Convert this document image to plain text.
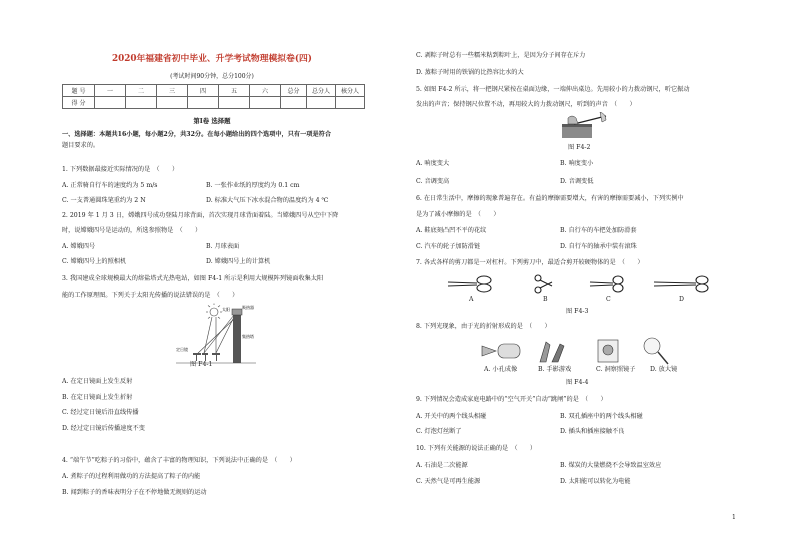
2020年福建省初中毕业、升学考试物理模拟卷(四)
(考试时间90分钟，总分100分)
题 号	一	二	三	四	五	六	总分	总分人	核分人
得 分									
第Ⅰ卷 选择题
一、选择题：本题共16小题，每小题2分，共32分。在每小题给出的四个选项中，只有一项是符合
题目要求的。
1. 下列数据最接近实际情况的是　（　　）
A. 正常骑自行车的速度约为 5 m/s	B. 一张作业纸的厚度约为 0.1 cm
C. 一支普通圆珠笔重约为 2 N	D. 标准大气压下冰水混合物的温度约为 4 ℃
2. 2019 年 1 月 3 日，嫦娥四号成功登陆月球背面，首次实现月球背面着陆。当嫦娥四号从空中下降
时，说嫦娥四号是运动的，所选参照物是　（　　）
A. 嫦娥四号	B. 月球表面
C. 嫦娥四号上的照相机	D. 嫦娥四号上的计算机
3. 我国建成全球规模最大的熔盐塔式光热电站，如图 F4-1 所示是利用大规模阵列镜面收集太阳
能的工作原理图。下列关于太阳光传播的说法错误的是　（　　）
太阳
定日镜
吸热器
集热塔
图 F4-1
A. 在定日镜面上发生反射
B. 在定日镜面上发生折射
C. 经过定日镜后沿直线传播
D. 经过定日镜后传播速度不变
4. “端午节”吃粽子的习俗中，蕴含了丰富的物理知识，下列说法中正确的是　（　　）
A. 煮粽子的过程利用做功的方法提高了粽子的内能
B. 闻到粽子的香味表明分子在不停地做无规则的运动
C. 剥粽子时总有一些糯米粘到粽叶上，是因为分子间存在斥力
D. 蒸粽子时用的铁锅的比热容比水的大
5. 如图 F4-2 所示，将一把钢尺紧按在桌面边缘，一端伸出桌边。先用较小的力拨动钢尺，听它振动
发出的声音；保持钢尺位置不动，再用较大的力拨动钢尺，听到的声音　（　　）
图 F4-2
A. 响度变大	B. 响度变小
C. 音调变高	D. 音调变低
6. 在日常生活中，摩擦的现象普遍存在。有益的摩擦需要增大，有害的摩擦需要减小，下列实例中
是为了减小摩擦的是　（　　）
A. 鞋底刻凸凹不平的花纹	B. 自行车的车把处加防滑套
C. 汽车的轮子加防滑链	D. 自行车的轴承中装有滚珠
7. 各式各样的剪刀都是一对杠杆。下列剪刀中，最适合剪开较硬物体的是　（　　）
A	B	C	D
图 F4-3
8. 下列光现象，由于光的折射形成的是　（　　）
A. 小孔成像	B. 手影游戏	C. 洞察照镜子 D. 放大镜
图 F4-4
9. 下列情况会造成家庭电路中的“空气开关”自动“跳闸”的是　（　　）
A. 开关中的两个线头相碰	B. 双孔插座中的两个线头相碰
C. 灯泡灯丝断了	D. 插头和插座接触不良
10. 下列有关能源的说法正确的是　（　　）
A. 石油是二次能源	B. 煤炭的大量燃烧不会导致温室效应
C. 天然气是可再生能源	D. 太阳能可以转化为电能
1
